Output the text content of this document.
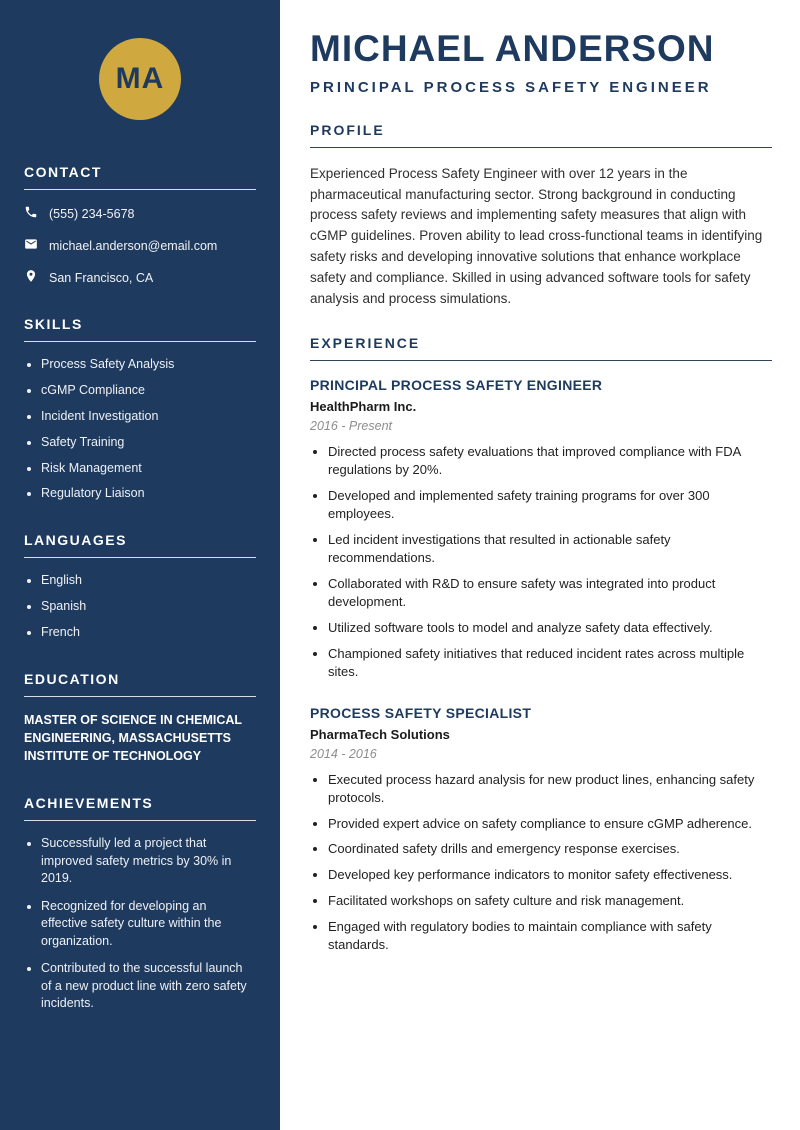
MA
CONTACT
(555) 234-5678
michael.anderson@email.com
San Francisco, CA
SKILLS
• Process Safety Analysis
• cGMP Compliance
• Incident Investigation
• Safety Training
• Risk Management
• Regulatory Liaison
LANGUAGES
• English
• Spanish
• French
EDUCATION
MASTER OF SCIENCE IN CHEMICAL ENGINEERING, MASSACHUSETTS INSTITUTE OF TECHNOLOGY
ACHIEVEMENTS
• Successfully led a project that improved safety metrics by 30% in 2019.
• Recognized for developing an effective safety culture within the organization.
• Contributed to the successful launch of a new product line with zero safety incidents.
MICHAEL ANDERSON
PRINCIPAL PROCESS SAFETY ENGINEER
PROFILE

Experienced Process Safety Engineer with over 12 years in the pharmaceutical manufacturing sector. Strong background in conducting process safety reviews and implementing safety measures that align with cGMP guidelines. Proven ability to lead cross-functional teams in identifying safety risks and developing innovative solutions that enhance workplace safety and compliance. Skilled in using advanced software tools for safety analysis and process simulations.

EXPERIENCE
PRINCIPAL PROCESS SAFETY ENGINEER
HealthPharm Inc.
2016 - Present
• Directed process safety evaluations that improved compliance with FDA regulations by 20%.
• Developed and implemented safety training programs for over 300 employees.
• Led incident investigations that resulted in actionable safety recommendations.
• Collaborated with R&D to ensure safety was integrated into product development.
• Utilized software tools to model and analyze safety data effectively.
• Championed safety initiatives that reduced incident rates across multiple sites.
PROCESS SAFETY SPECIALIST
PharmaTech Solutions
2014 - 2016
• Executed process hazard analysis for new product lines, enhancing safety protocols.
• Provided expert advice on safety compliance to ensure cGMP adherence.
• Coordinated safety drills and emergency response exercises.
• Developed key performance indicators to monitor safety effectiveness.
• Facilitated workshops on safety culture and risk management.
• Engaged with regulatory bodies to maintain compliance with safety standards.
